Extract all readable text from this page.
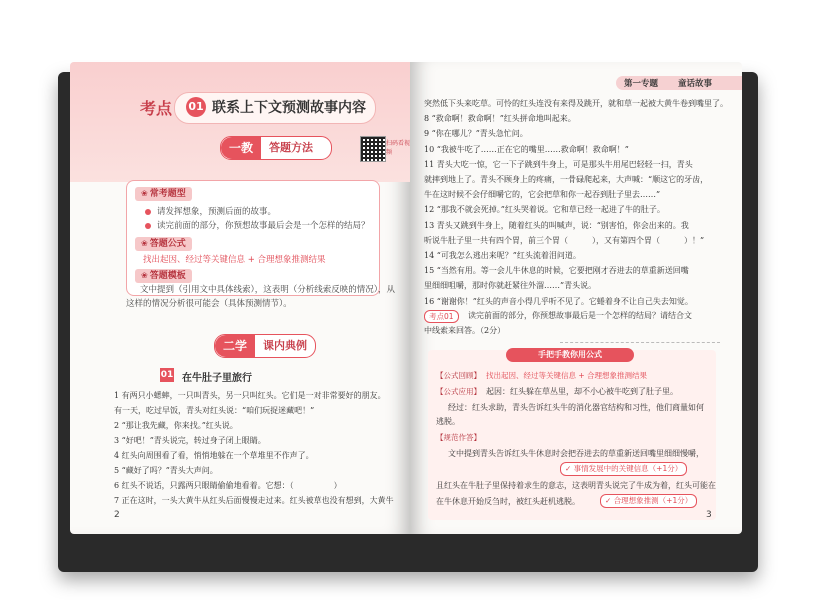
考点 01 联系上下文预测故事内容
一教	答题方法	扫码看视频
❀ 常考题型
请发挥想象，预测后面的故事。
读完前面的部分，你预想故事最后会是一个怎样的结局？
❀ 答题公式
找出起因、经过等关键信息 + 合理想象推测结果
❀ 答题模板
文中提到（引用文中具体线索），这表明（分析线索反映的情况），从
这样的情况分析很可能会（具体预测情节）。
二学	课内典例
01 在牛肚子里旅行
1 有两只小蟋蟀，一只叫青头，另一只叫红头。它们是一对非常要好的朋友。
有一天，吃过早饭，青头对红头说：“咱们玩捉迷藏吧！”
2 “那让我先藏，你来找。”红头说。
3 “好吧！”青头说完，转过身子闭上眼睛。
4 红头向周围看了看，悄悄地躲在一个草堆里不作声了。
5 “藏好了吗？”青头大声问。
6 红头不说话，只露两只眼睛偷偷地看着。它想：（　　　　　）
7 正在这时，一头大黄牛从红头后面慢慢走过来。红头被草也没有想到，大黄牛
2
第一专题 童话故事
突然低下头来吃草。可怜的红头连没有来得及跳开，就和草一起被大黄牛卷到嘴里了。
8 “救命啊！救命啊！”红头拼命地叫起来。
9 “你在哪儿？”青头急忙问。
10 “我被牛吃了……正在它的嘴里……救命啊！救命啊！”
11 青头大吃一惊，它一下子跳到牛身上，可是那头牛用尾巴轻轻一扫，青头
就摔到地上了。青头不顾身上的疼痛，一骨碌爬起来，大声喊：“顺这它的牙齿，
牛在这时候不会仔细嚼它的，它会把草和你一起吞到肚子里去……”
12 “那我不就会死掉。”红头哭着说。它和草已经一起进了牛的肚子。
13 青头又跳到牛身上，随着红头的叫喊声，说：“别害怕，你会出来的。我
听说牛肚子里一共有四个胃，前三个胃（　　　），又有第四个胃（　　　）！”
14 “可我怎么逃出来呢？”红头流着泪问道。
15 “当然有用。等一会儿牛休息的时候，它要把刚才吞进去的草重新送回嘴
里细细咀嚼，那时你就赶紧往外溜……”青头说。
16 “谢谢你！”红头的声音小得几乎听不见了。它蜷着身不让自己失去知觉。
考点01	读完前面的部分，你预想故事最后是一个怎样的结局？请结合文
中线索来回答。（2分）
手把手教你用公式
【公式回顾】 找出起因、经过等关键信息 + 合理想象推测结果
【公式应用】 起因：红头躲在草丛里，却不小心被牛吃到了肚子里。
经过：红头求助，青头告诉红头牛的消化器官结构和习性，他们商量如何
逃脱。
【规范作答】
文中提到青头告诉红头牛休息时会把吞进去的草重新送回嘴里细细慢嚼，
✓ 事情发展中的关键信息（+1分）
且红头在牛肚子里保持着求生的意志，这表明青头说完了牛成为着，红头可能在
在牛休息开始反刍时，被红头赶机逃脱。	✓ 合理想象推测（+1分）
3
